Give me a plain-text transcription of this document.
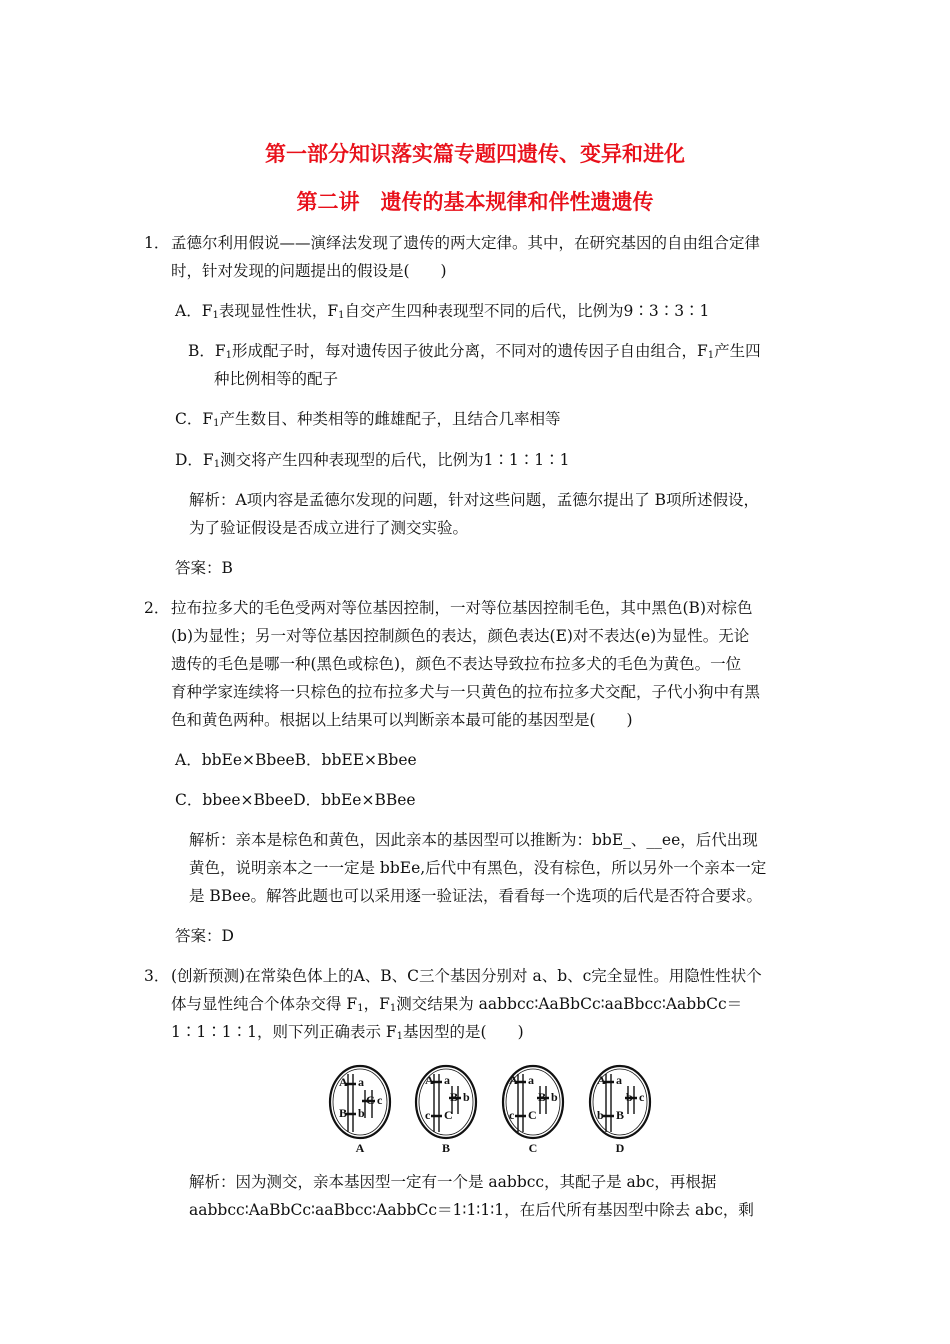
第一部分知识落实篇专题四遗传、变异和进化
第二讲　遗传的基本规律和伴性遗遗传
1． 孟德尔利用假说——演绎法发现了遗传的两大定律。其中，在研究基因的自由组合定律
时，针对发现的问题提出的假设是(　　)
A．$F_1$表现显性性状，$F_1$自交产生四种表现型不同的后代，比例为9∶3∶3∶1
B．$F_1$形成配子时，每对遗传因子彼此分离，不同对的遗传因子自由组合，$F_1$产生四
种比例相等的配子
C．$F_1$产生数目、种类相等的雌雄配子，且结合几率相等
D．$F_1$测交将产生四种表现型的后代，比例为1∶1∶1∶1
解析：A项内容是孟德尔发现的问题，针对这些问题，孟德尔提出了 B项所述假设，
为了验证假设是否成立进行了测交实验。
答案：B
2． 拉布拉多犬的毛色受两对等位基因控制，一对等位基因控制毛色，其中黑色(B)对棕色
(b)为显性；另一对等位基因控制颜色的表达，颜色表达(E)对不表达(e)为显性。无论
遗传的毛色是哪一种(黑色或棕色)，颜色不表达导致拉布拉多犬的毛色为黄色。一位
育种学家连续将一只棕色的拉布拉多犬与一只黄色的拉布拉多犬交配，子代小狗中有黑
色和黄色两种。根据以上结果可以判断亲本最可能的基因型是(　　)
A．bbEe×BbeeB．bbEE×Bbee
C．bbee×BbeeD．bbEe×BBee
解析：亲本是棕色和黄色，因此亲本的基因型可以推断为：bbE_、__ee，后代出现
黄色，说明亲本之一一定是 bbEe,后代中有黑色，没有棕色，所以另外一个亲本一定
是 BBee。解答此题也可以采用逐一验证法，看看每一个选项的后代是否符合要求。
答案：D
3． (创新预测)在常染色体上的A、B、C三个基因分别对 a、b、c完全显性。用隐性性状个
体与显性纯合个体杂交得 $F_1$，$F_1$测交结果为 aabbcc∶AaBbCc∶aaBbcc∶AabbCc＝
1∶1∶1∶1，则下列正确表示 $F_1$基因型的是(　　)
A a
B b
C c
A a
B b
C
c
A a
B b
c C
A a
B
b
b c
A	B	C	D
解析：因为测交，亲本基因型一定有一个是 aabbcc，其配子是 abc，再根据
aabbcc∶AaBbCc∶aaBbcc∶AabbCc＝1∶1∶1∶1，在后代所有基因型中除去 abc，剩
